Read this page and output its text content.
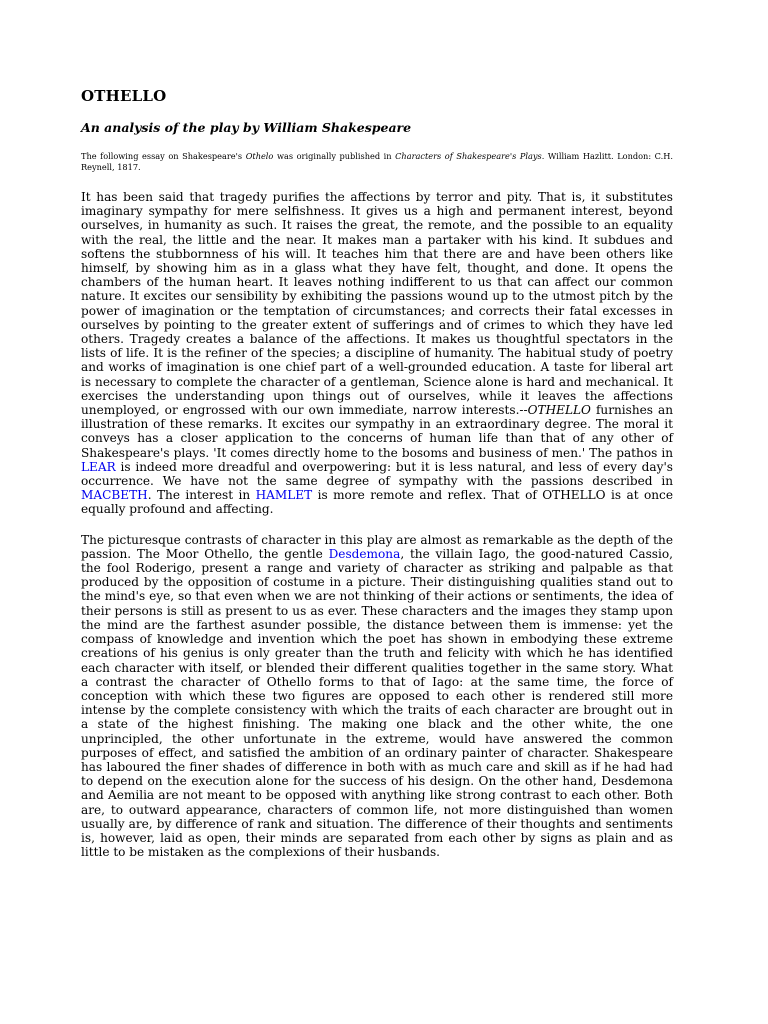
OTHELLO
An analysis of the play by William Shakespeare

The following essay on Shakespeare's Othelo was originally published in Characters of Shakespeare's Plays. William Hazlitt. London: C.H. Reynell, 1817.

It has been said that tragedy purifies the affections by terror and pity. That is, it substitutes imaginary sympathy for mere selfishness. It gives us a high and permanent interest, beyond ourselves, in humanity as such. It raises the great, the remote, and the possible to an equality with the real, the little and the near. It makes man a partaker with his kind. It subdues and softens the stubbornness of his will. It teaches him that there are and have been others like himself, by showing him as in a glass what they have felt, thought, and done. It opens the chambers of the human heart. It leaves nothing indifferent to us that can affect our common nature. It excites our sensibility by exhibiting the passions wound up to the utmost pitch by the power of imagination or the temptation of circumstances; and corrects their fatal excesses in ourselves by pointing to the greater extent of sufferings and of crimes to which they have led others. Tragedy creates a balance of the affections. It makes us thoughtful spectators in the lists of life. It is the refiner of the species; a discipline of humanity. The habitual study of poetry and works of imagination is one chief part of a well-grounded education. A taste for liberal art is necessary to complete the character of a gentleman, Science alone is hard and mechanical. It exercises the understanding upon things out of ourselves, while it leaves the affections unemployed, or engrossed with our own immediate, narrow interests.--OTHELLO furnishes an illustration of these remarks. It excites our sympathy in an extraordinary degree. The moral it conveys has a closer application to the concerns of human life than that of any other of Shakespeare's plays. 'It comes directly home to the bosoms and business of men.' The pathos in LEAR is indeed more dreadful and overpowering: but it is less natural, and less of every day's occurrence. We have not the same degree of sympathy with the passions described in MACBETH. The interest in HAMLET is more remote and reflex. That of OTHELLO is at once equally profound and affecting.

The picturesque contrasts of character in this play are almost as remarkable as the depth of the passion. The Moor Othello, the gentle Desdemona, the villain Iago, the good-natured Cassio, the fool Roderigo, present a range and variety of character as striking and palpable as that produced by the opposition of costume in a picture. Their distinguishing qualities stand out to the mind's eye, so that even when we are not thinking of their actions or sentiments, the idea of their persons is still as present to us as ever. These characters and the images they stamp upon the mind are the farthest asunder possible, the distance between them is immense: yet the compass of knowledge and invention which the poet has shown in embodying these extreme creations of his genius is only greater than the truth and felicity with which he has identified each character with itself, or blended their different qualities together in the same story. What a contrast the character of Othello forms to that of Iago: at the same time, the force of conception with which these two figures are opposed to each other is rendered still more intense by the complete consistency with which the traits of each character are brought out in a state of the highest finishing. The making one black and the other white, the one unprincipled, the other unfortunate in the extreme, would have answered the common purposes of effect, and satisfied the ambition of an ordinary painter of character. Shakespeare has laboured the finer shades of difference in both with as much care and skill as if he had had to depend on the execution alone for the success of his design. On the other hand, Desdemona and Aemilia are not meant to be opposed with anything like strong contrast to each other. Both are, to outward appearance, characters of common life, not more distinguished than women usually are, by difference of rank and situation. The difference of their thoughts and sentiments is, however, laid as open, their minds are separated from each other by signs as plain and as little to be mistaken as the complexions of their husbands.
